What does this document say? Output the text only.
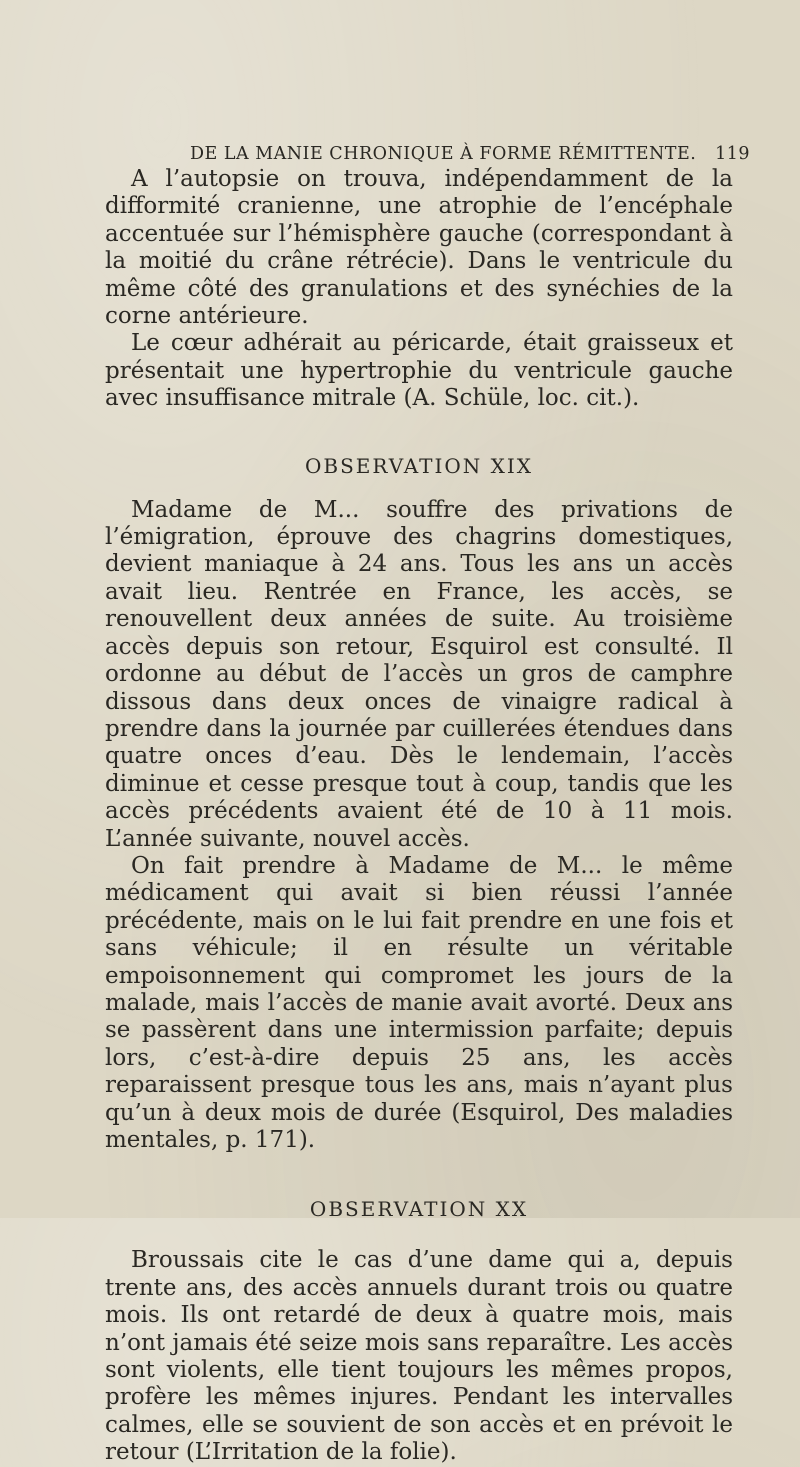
DE LA MANIE CHRONIQUE À FORME RÉMITTENTE. 119

A l’autopsie on trouva, indépendamment de la difformité cranienne, une atrophie de l’encéphale accentuée sur l’hémisphère gauche (correspondant à la moitié du crâne rétrécie). Dans le ventricule du même côté des granulations et des synéchies de la corne antérieure.

Le cœur adhérait au péricarde, était graisseux et présentait une hypertrophie du ventricule gauche avec insuffisance mitrale (A. Schüle, loc. cit.).

OBSERVATION XIX

Madame de M... souffre des privations de l’émigration, éprouve des chagrins domestiques, devient maniaque à 24 ans. Tous les ans un accès avait lieu. Rentrée en France, les accès, se renouvellent deux années de suite. Au troisième accès depuis son retour, Esquirol est consulté. Il ordonne au début de l’accès un gros de camphre dissous dans deux onces de vinaigre radical à prendre dans la journée par cuillerées étendues dans quatre onces d’eau. Dès le lendemain, l’accès diminue et cesse presque tout à coup, tandis que les accès précédents avaient été de 10 à 11 mois. L’année suivante, nouvel accès.

On fait prendre à Madame de M... le même médicament qui avait si bien réussi l’année précédente, mais on le lui fait prendre en une fois et sans véhicule; il en résulte un véritable empoisonnement qui compromet les jours de la malade, mais l’accès de manie avait avorté. Deux ans se passèrent dans une intermission parfaite; depuis lors, c’est-à-dire depuis 25 ans, les accès reparaissent presque tous les ans, mais n’ayant plus qu’un à deux mois de durée (Esquirol, Des maladies mentales, p. 171).

OBSERVATION XX

Broussais cite le cas d’une dame qui a, depuis trente ans, des accès annuels durant trois ou quatre mois. Ils ont retardé de deux à quatre mois, mais n’ont jamais été seize mois sans reparaître. Les accès sont violents, elle tient toujours les mêmes propos, profère les mêmes injures. Pendant les intervalles calmes, elle se souvient de son accès et en prévoit le retour (L’Irritation de la folie).
